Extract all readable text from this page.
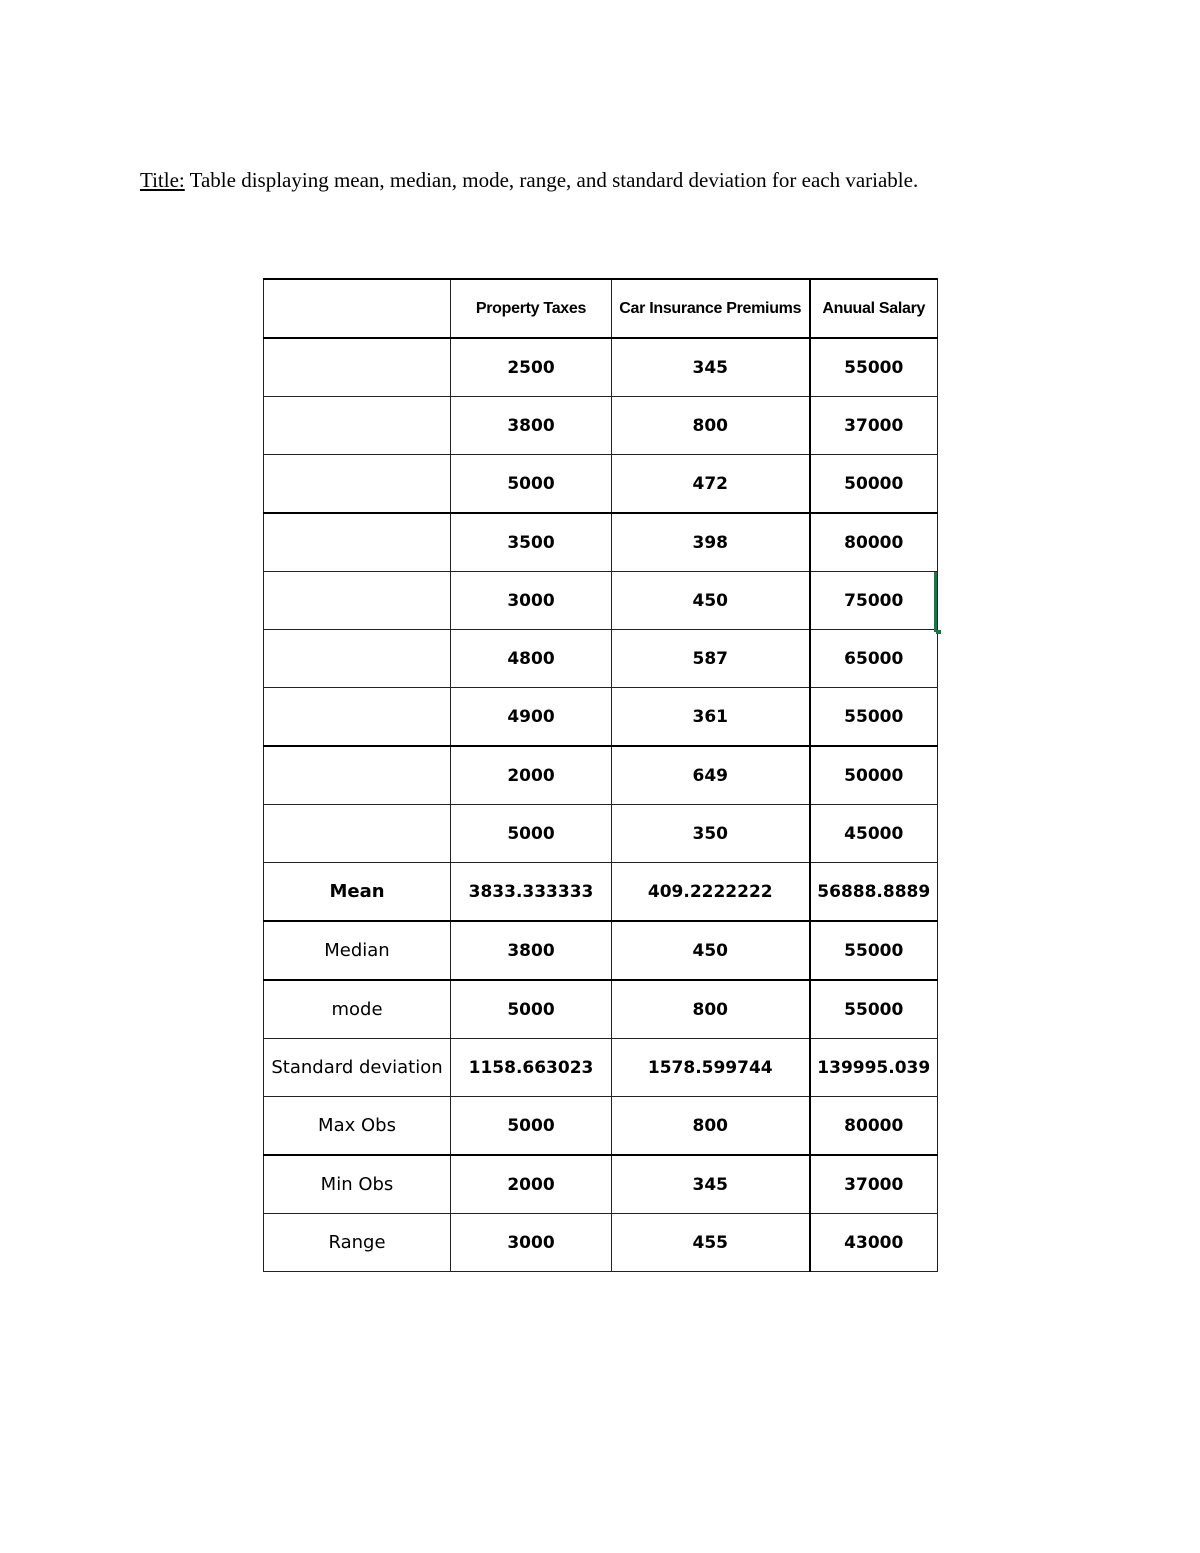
Title: Table displaying mean, median, mode, range, and standard deviation for each variable.
	Property Taxes	Car Insurance Premiums	Anuual Salary
	2500	345	55000
	3800	800	37000
	5000	472	50000
	3500	398	80000
	3000	450	75000
	4800	587	65000
	4900	361	55000
	2000	649	50000
	5000	350	45000
Mean	3833.333333	409.2222222	56888.8889
Median	3800	450	55000
mode	5000	800	55000
Standard deviation	1158.663023	1578.599744	139995.039
Max Obs	5000	800	80000
Min Obs	2000	345	37000
Range	3000	455	43000
